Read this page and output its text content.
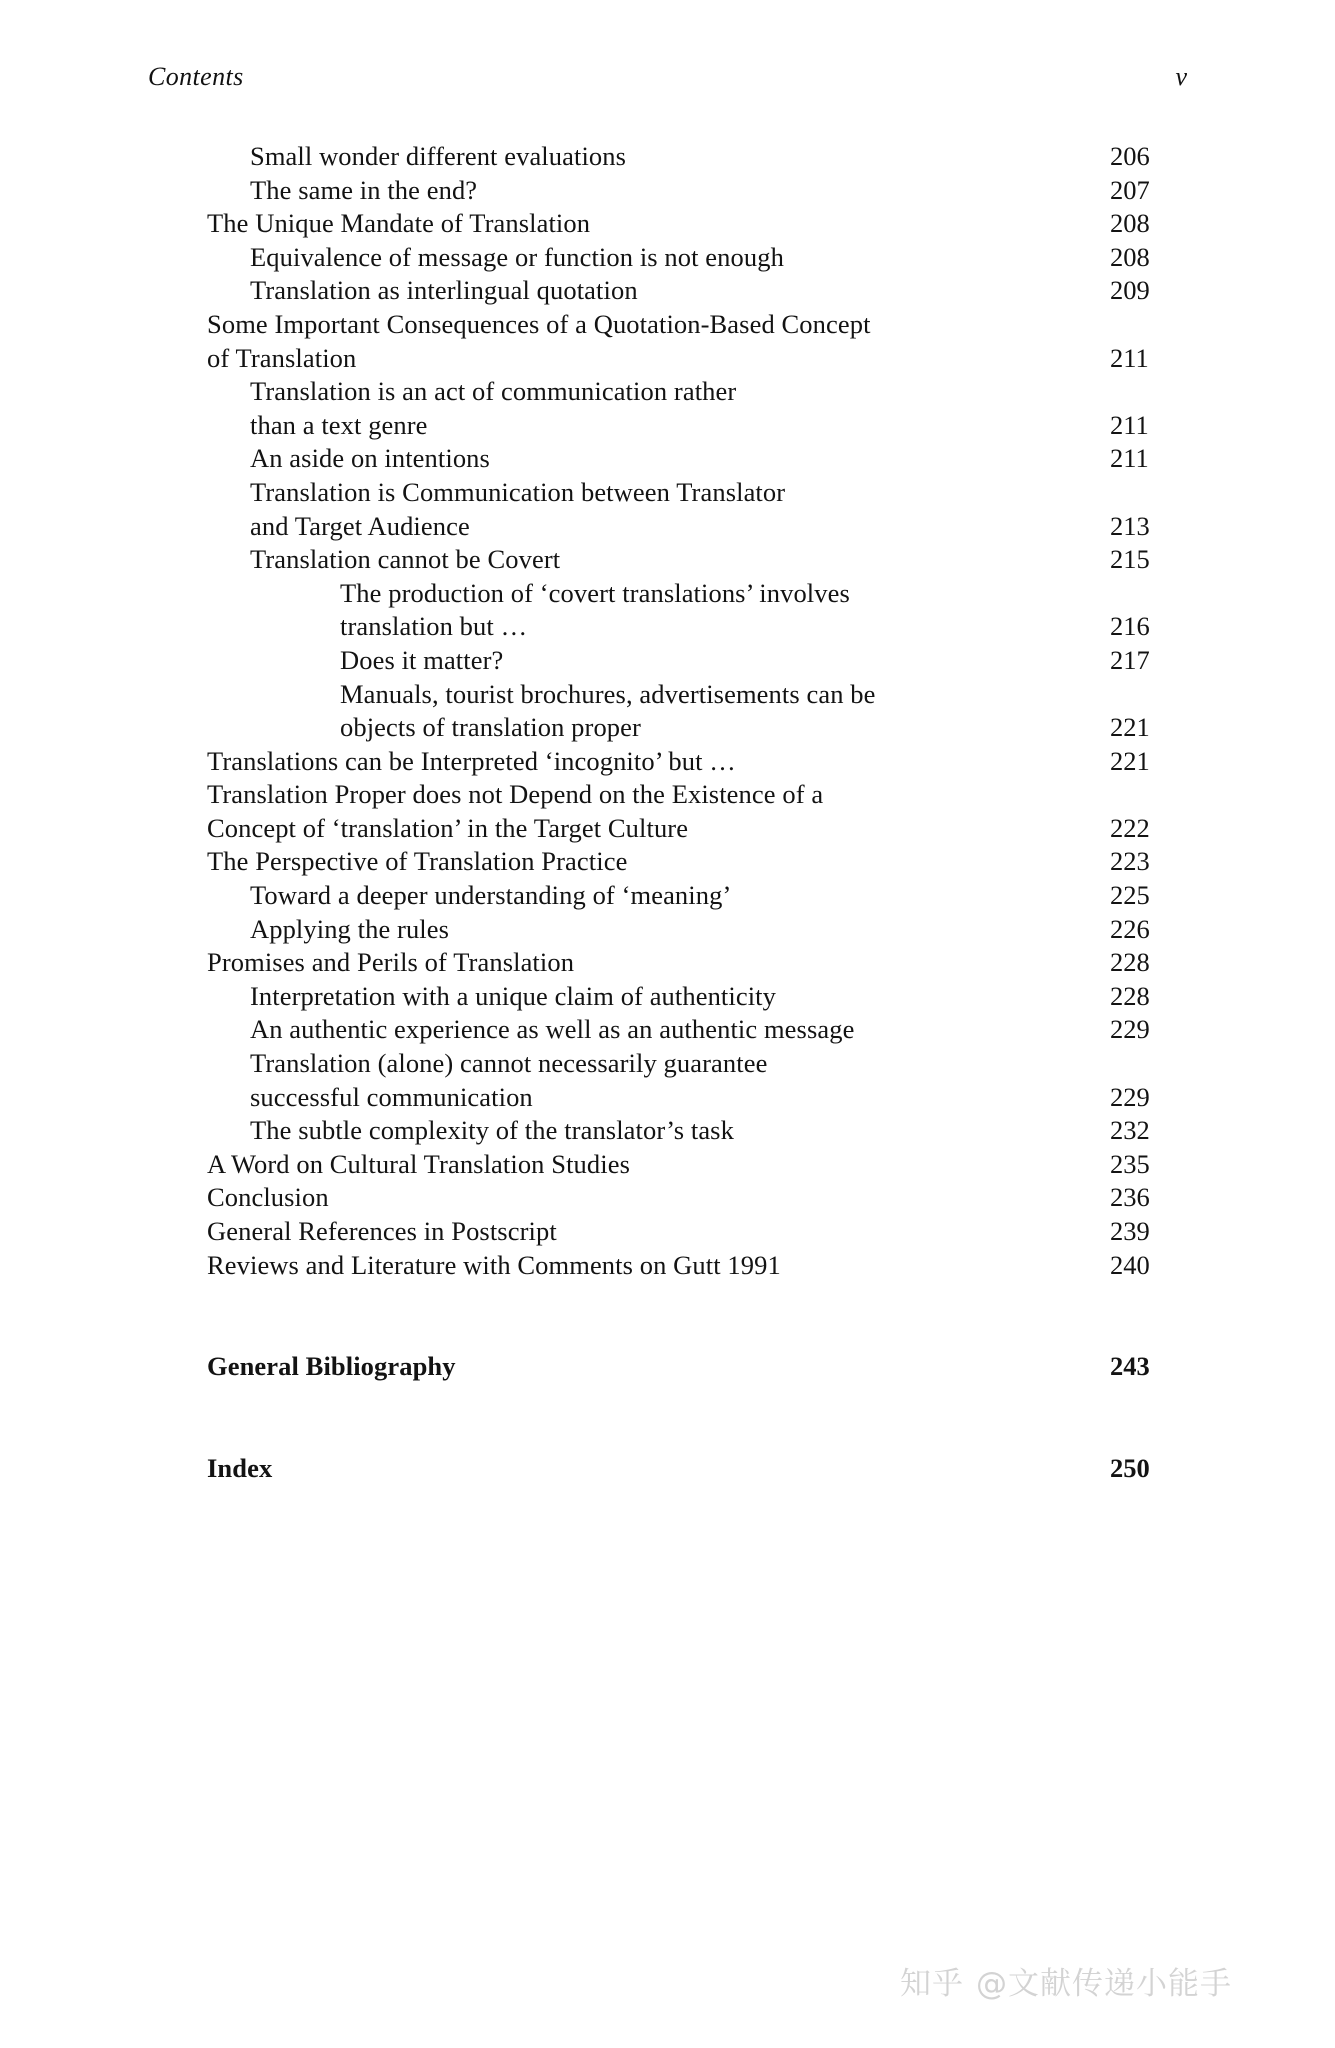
Contents	v
Small wonder different evaluations	206
The same in the end?	207
The Unique Mandate of Translation	208
Equivalence of message or function is not enough	208
Translation as interlingual quotation	209
Some Important Consequences of a Quotation-Based Concept
of Translation	211
Translation is an act of communication rather
than a text genre	211
An aside on intentions	211
Translation is Communication between Translator
and Target Audience	213
Translation cannot be Covert	215
The production of ‘covert translations’ involves
translation but …	216
Does it matter?	217
Manuals, tourist brochures, advertisements can be
objects of translation proper	221
Translations can be Interpreted ‘incognito’ but …	221
Translation Proper does not Depend on the Existence of a
Concept of ‘translation’ in the Target Culture	222
The Perspective of Translation Practice	223
Toward a deeper understanding of ‘meaning’	225
Applying the rules	226
Promises and Perils of Translation	228
Interpretation with a unique claim of authenticity	228
An authentic experience as well as an authentic message	229
Translation (alone) cannot necessarily guarantee
successful communication	229
The subtle complexity of the translator’s task	232
A Word on Cultural Translation Studies	235
Conclusion	236
General References in Postscript	239
Reviews and Literature with Comments on Gutt 1991	240
General Bibliography	243
Index	250
知乎 @文献传递小能手
